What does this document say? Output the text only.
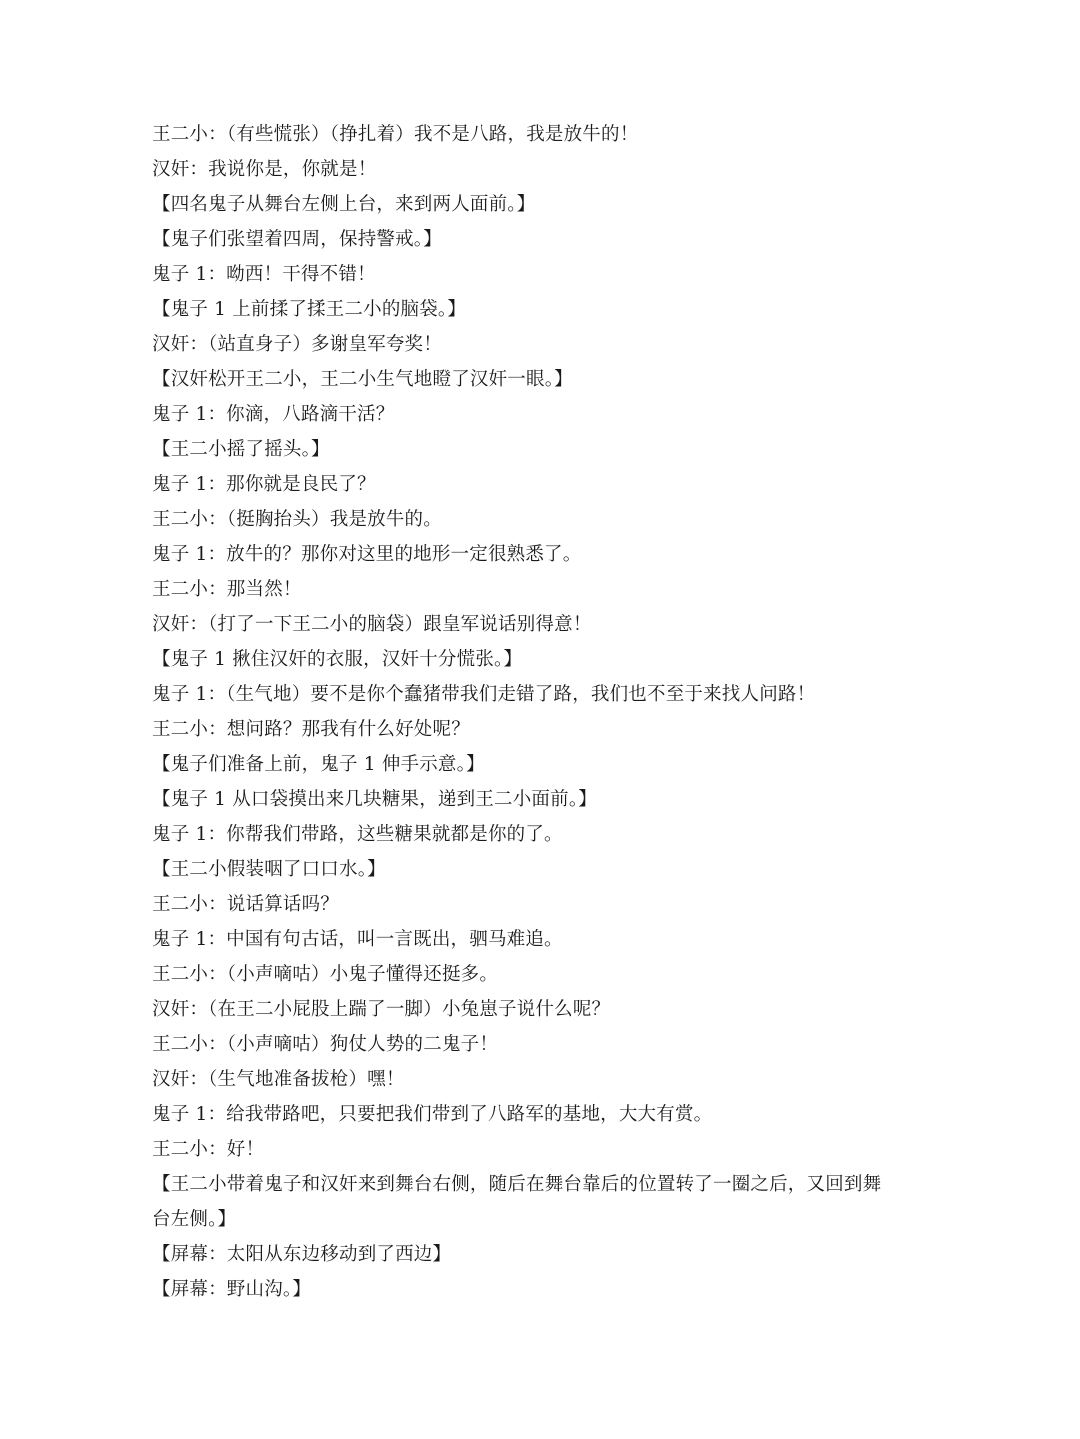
王二小：（有些慌张）（挣扎着）我不是八路，我是放牛的！
汉奸：我说你是，你就是！
【四名鬼子从舞台左侧上台，来到两人面前。】
【鬼子们张望着四周，保持警戒。】
鬼子 1：呦西！干得不错！
【鬼子 1 上前揉了揉王二小的脑袋。】
汉奸：（站直身子）多谢皇军夸奖！
【汉奸松开王二小，王二小生气地瞪了汉奸一眼。】
鬼子 1：你滴，八路滴干活？
【王二小摇了摇头。】
鬼子 1：那你就是良民了？
王二小：（挺胸抬头）我是放牛的。
鬼子 1：放牛的？那你对这里的地形一定很熟悉了。
王二小：那当然！
汉奸：（打了一下王二小的脑袋）跟皇军说话别得意！
【鬼子 1 揪住汉奸的衣服，汉奸十分慌张。】
鬼子 1：（生气地）要不是你个蠢猪带我们走错了路，我们也不至于来找人问路！
王二小：想问路？那我有什么好处呢？
【鬼子们准备上前，鬼子 1 伸手示意。】
【鬼子 1 从口袋摸出来几块糖果，递到王二小面前。】
鬼子 1：你帮我们带路，这些糖果就都是你的了。
【王二小假装咽了口口水。】
王二小：说话算话吗？
鬼子 1：中国有句古话，叫一言既出，驷马难追。
王二小：（小声嘀咕）小鬼子懂得还挺多。
汉奸：（在王二小屁股上踹了一脚）小兔崽子说什么呢？
王二小：（小声嘀咕）狗仗人势的二鬼子！
汉奸：（生气地准备拔枪）嘿！
鬼子 1：给我带路吧，只要把我们带到了八路军的基地，大大有赏。
王二小：好！
【王二小带着鬼子和汉奸来到舞台右侧，随后在舞台靠后的位置转了一圈之后，又回到舞台左侧。】
【屏幕：太阳从东边移动到了西边】
【屏幕：野山沟。】
